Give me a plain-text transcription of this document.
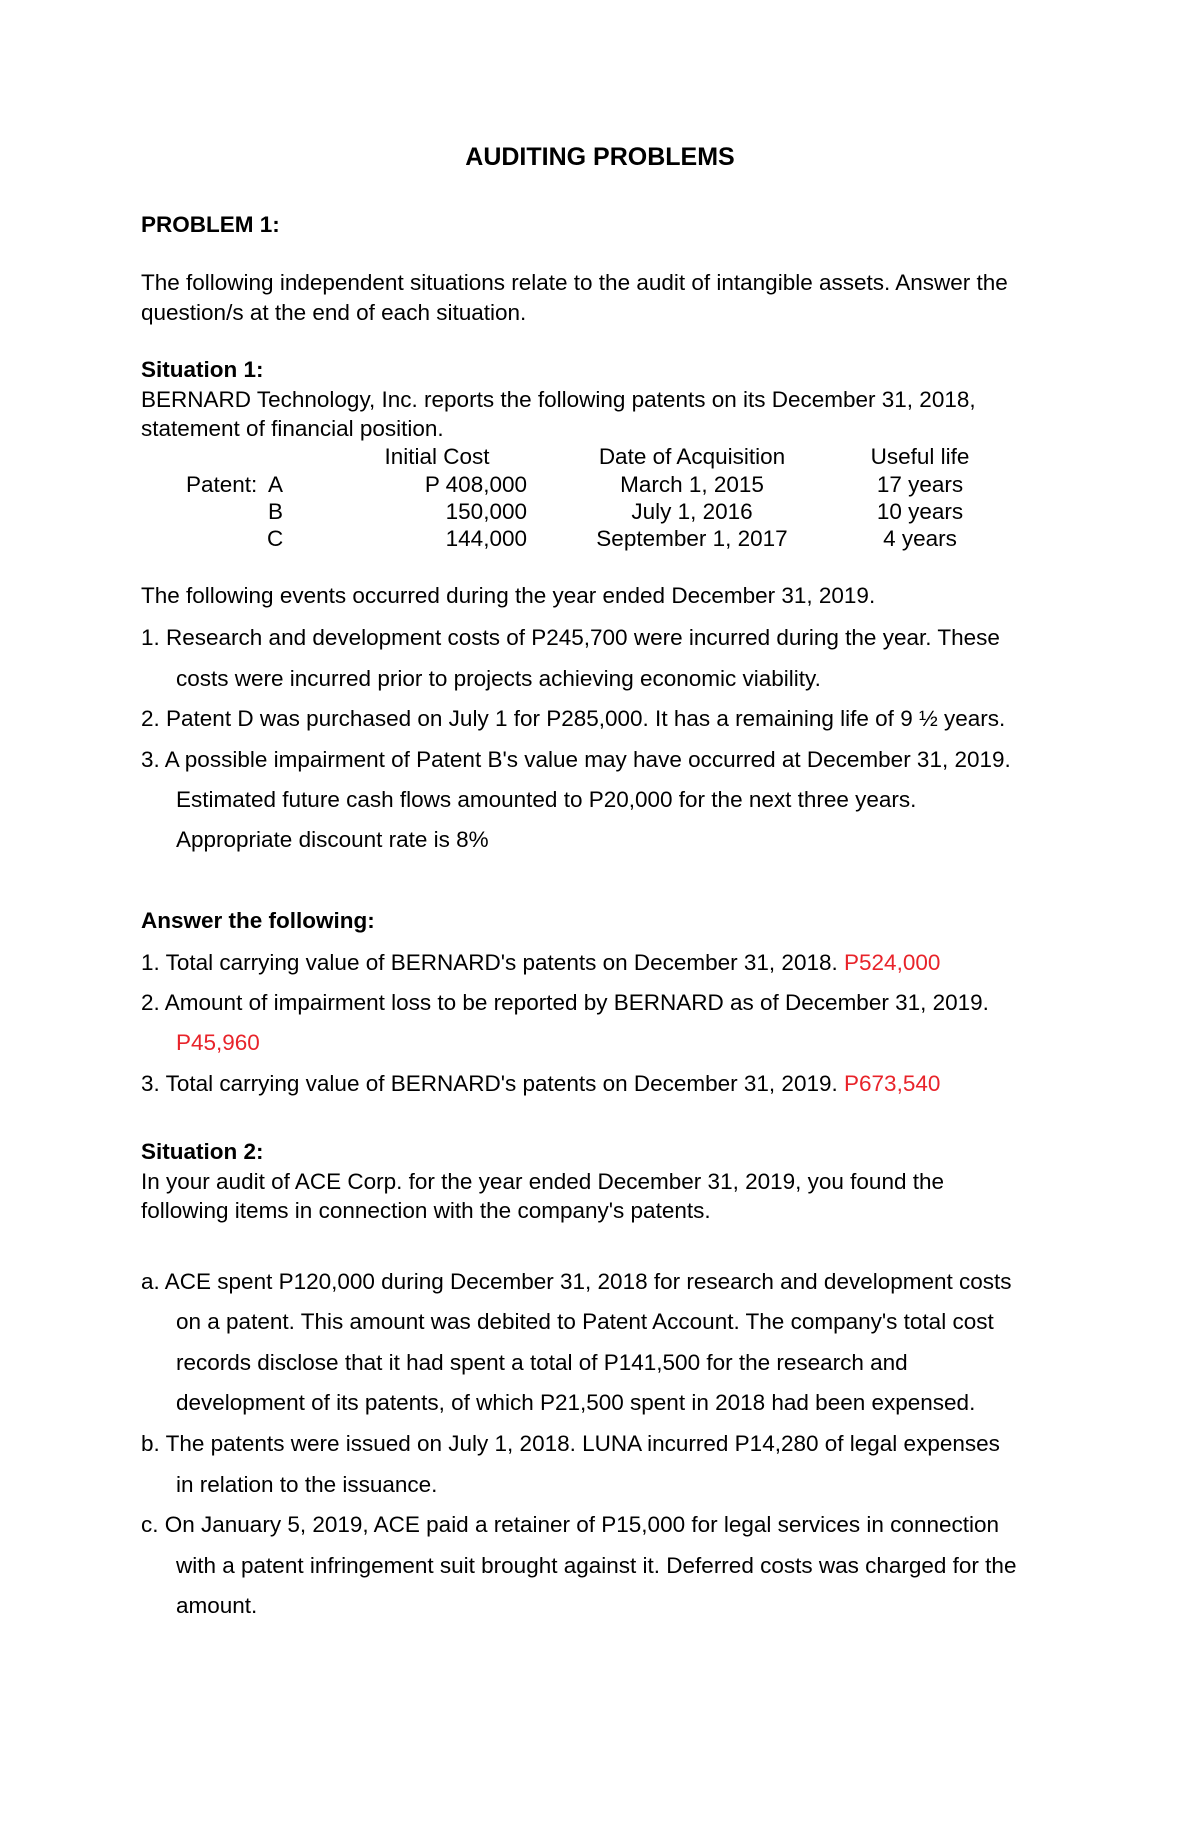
AUDITING PROBLEMS
PROBLEM 1:
The following independent situations relate to the audit of intangible assets. Answer the
question/s at the end of each situation.
Situation 1:
BERNARD Technology, Inc. reports the following patents on its December 31, 2018,
statement of financial position.
Initial Cost	Date of Acquisition	Useful life
Patent: A	P 408,000	March 1, 2015	17 years
B	150,000	July 1, 2016	10 years
C	144,000	September 1, 2017	4 years
The following events occurred during the year ended December 31, 2019.
1. Research and development costs of P245,700 were incurred during the year. These
costs were incurred prior to projects achieving economic viability.
2. Patent D was purchased on July 1 for P285,000. It has a remaining life of 9 ½ years.
3. A possible impairment of Patent B's value may have occurred at December 31, 2019.
Estimated future cash flows amounted to P20,000 for the next three years.
Appropriate discount rate is 8%
Answer the following:
1. Total carrying value of BERNARD's patents on December 31, 2018. P524,000
2. Amount of impairment loss to be reported by BERNARD as of December 31, 2019.
P45,960
3. Total carrying value of BERNARD's patents on December 31, 2019. P673,540
Situation 2:
In your audit of ACE Corp. for the year ended December 31, 2019, you found the
following items in connection with the company's patents.
a. ACE spent P120,000 during December 31, 2018 for research and development costs
on a patent. This amount was debited to Patent Account. The company's total cost
records disclose that it had spent a total of P141,500 for the research and
development of its patents, of which P21,500 spent in 2018 had been expensed.
b. The patents were issued on July 1, 2018. LUNA incurred P14,280 of legal expenses
in relation to the issuance.
c. On January 5, 2019, ACE paid a retainer of P15,000 for legal services in connection
with a patent infringement suit brought against it. Deferred costs was charged for the
amount.
